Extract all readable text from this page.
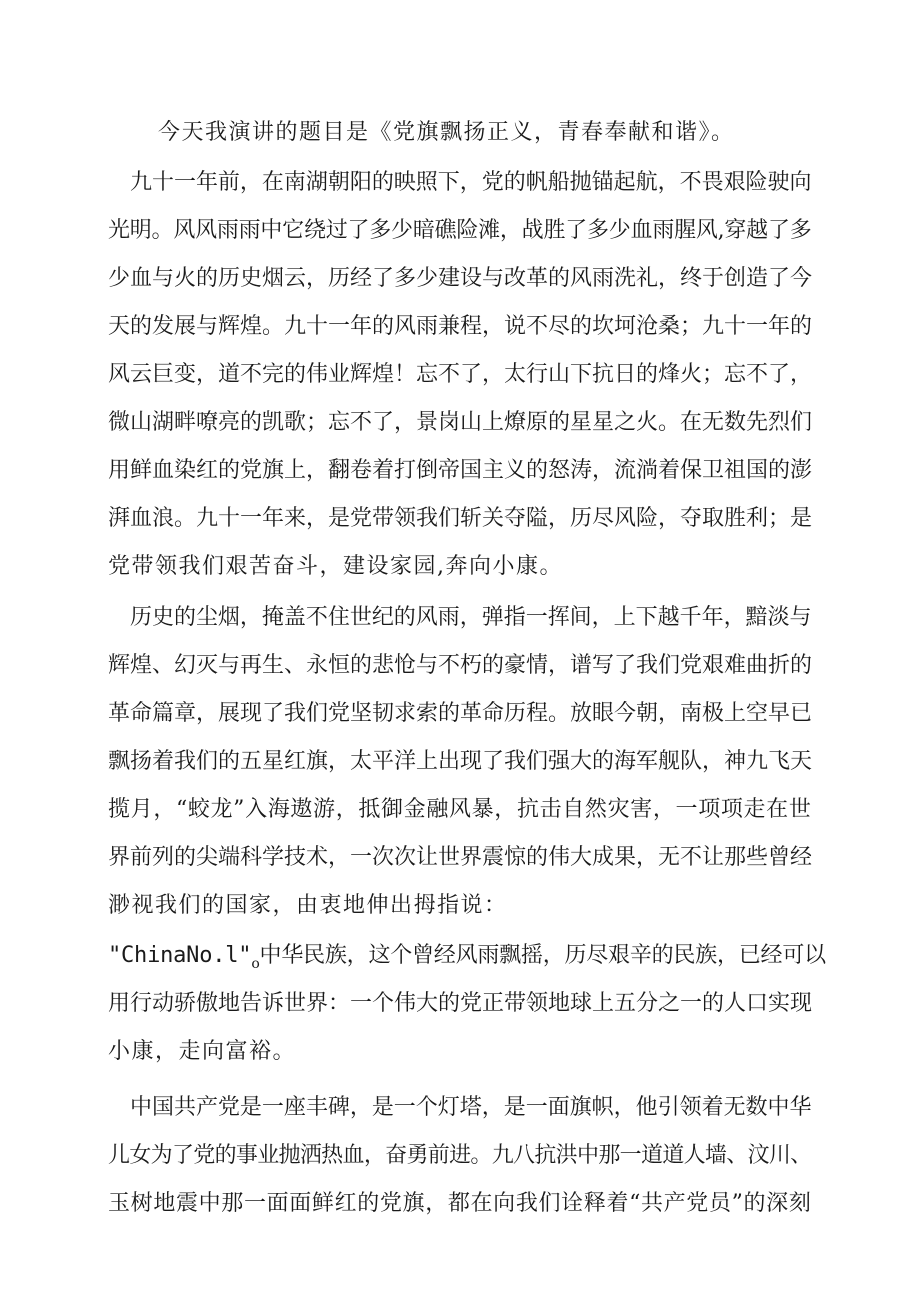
今天我演讲的题目是《党旗飘扬正义，青春奉献和谐》。
九十一年前，在南湖朝阳的映照下，党的帆船抛锚起航，不畏艰险驶向
光明。风风雨雨中它绕过了多少暗礁险滩，战胜了多少血雨腥风,穿越了多
少血与火的历史烟云，历经了多少建设与改革的风雨洗礼，终于创造了今
天的发展与辉煌。九十一年的风雨兼程，说不尽的坎坷沧桑；九十一年的
风云巨变，道不完的伟业辉煌！忘不了，太行山下抗日的烽火；忘不了，
微山湖畔嘹亮的凯歌；忘不了，景岗山上燎原的星星之火。在无数先烈们
用鲜血染红的党旗上，翻卷着打倒帝国主义的怒涛，流淌着保卫祖国的澎
湃血浪。九十一年来，是党带领我们斩关夺隘，历尽风险，夺取胜利；是
党带领我们艰苦奋斗，建设家园,奔向小康。
历史的尘烟，掩盖不住世纪的风雨，弹指一挥间，上下越千年，黯淡与
辉煌、幻灭与再生、永恒的悲怆与不朽的豪情，谱写了我们党艰难曲折的
革命篇章，展现了我们党坚韧求索的革命历程。放眼今朝，南极上空早已
飘扬着我们的五星红旗，太平洋上出现了我们强大的海军舰队，神九飞天
揽月，“蛟龙”入海遨游，抵御金融风暴，抗击自然灾害，一项项走在世
界前列的尖端科学技术，一次次让世界震惊的伟大成果，无不让那些曾经
渺视我们的国家，由衷地伸出拇指说：
"$ChinaNo.l"_o$中华民族，这个曾经风雨飘摇，历尽艰辛的民族，已经可以
用行动骄傲地告诉世界：一个伟大的党正带领地球上五分之一的人口实现
小康，走向富裕。
中国共产党是一座丰碑，是一个灯塔，是一面旗帜，他引领着无数中华
儿女为了党的事业抛洒热血，奋勇前进。九八抗洪中那一道道人墙、汶川、
玉树地震中那一面面鲜红的党旗，都在向我们诠释着“共产党员”的深刻
